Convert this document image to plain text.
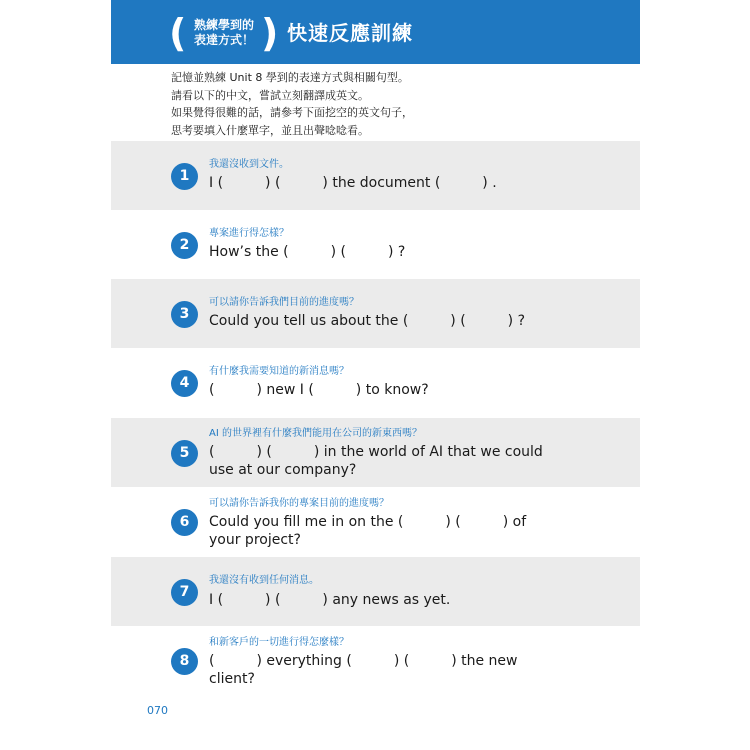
( 熟練學到的
表達方式！ ) 快速反應訓練
記憶並熟練 Unit 8 學到的表達方式與相關句型。
請看以下的中文，嘗試立刻翻譯成英文。
如果覺得很難的話，請參考下面挖空的英文句子，
思考要填入什麼單字，並且出聲唸唸看。
1
我還沒收到文件。
I (　　　) (　　　) the document (　　　) .
2
專案進行得怎樣？
How’s the (　　　) (　　　) ?
3
可以請你告訴我們目前的進度嗎？
Could you tell us about the (　　　) (　　　) ?
4
有什麼我需要知道的新消息嗎？
(　　　) new I (　　　) to know?
5
AI 的世界裡有什麼我們能用在公司的新東西嗎？
(　　　) (　　　) in the world of AI that we could
use at our company?
6
可以請你告訴我你的專案目前的進度嗎？
Could you fill me in on the (　　　) (　　　) of
your project?
7
我還沒有收到任何消息。
I (　　　) (　　　) any news as yet.
8
和新客戶的一切進行得怎麼樣？
(　　　) everything (　　　) (　　　) the new
client?
070
